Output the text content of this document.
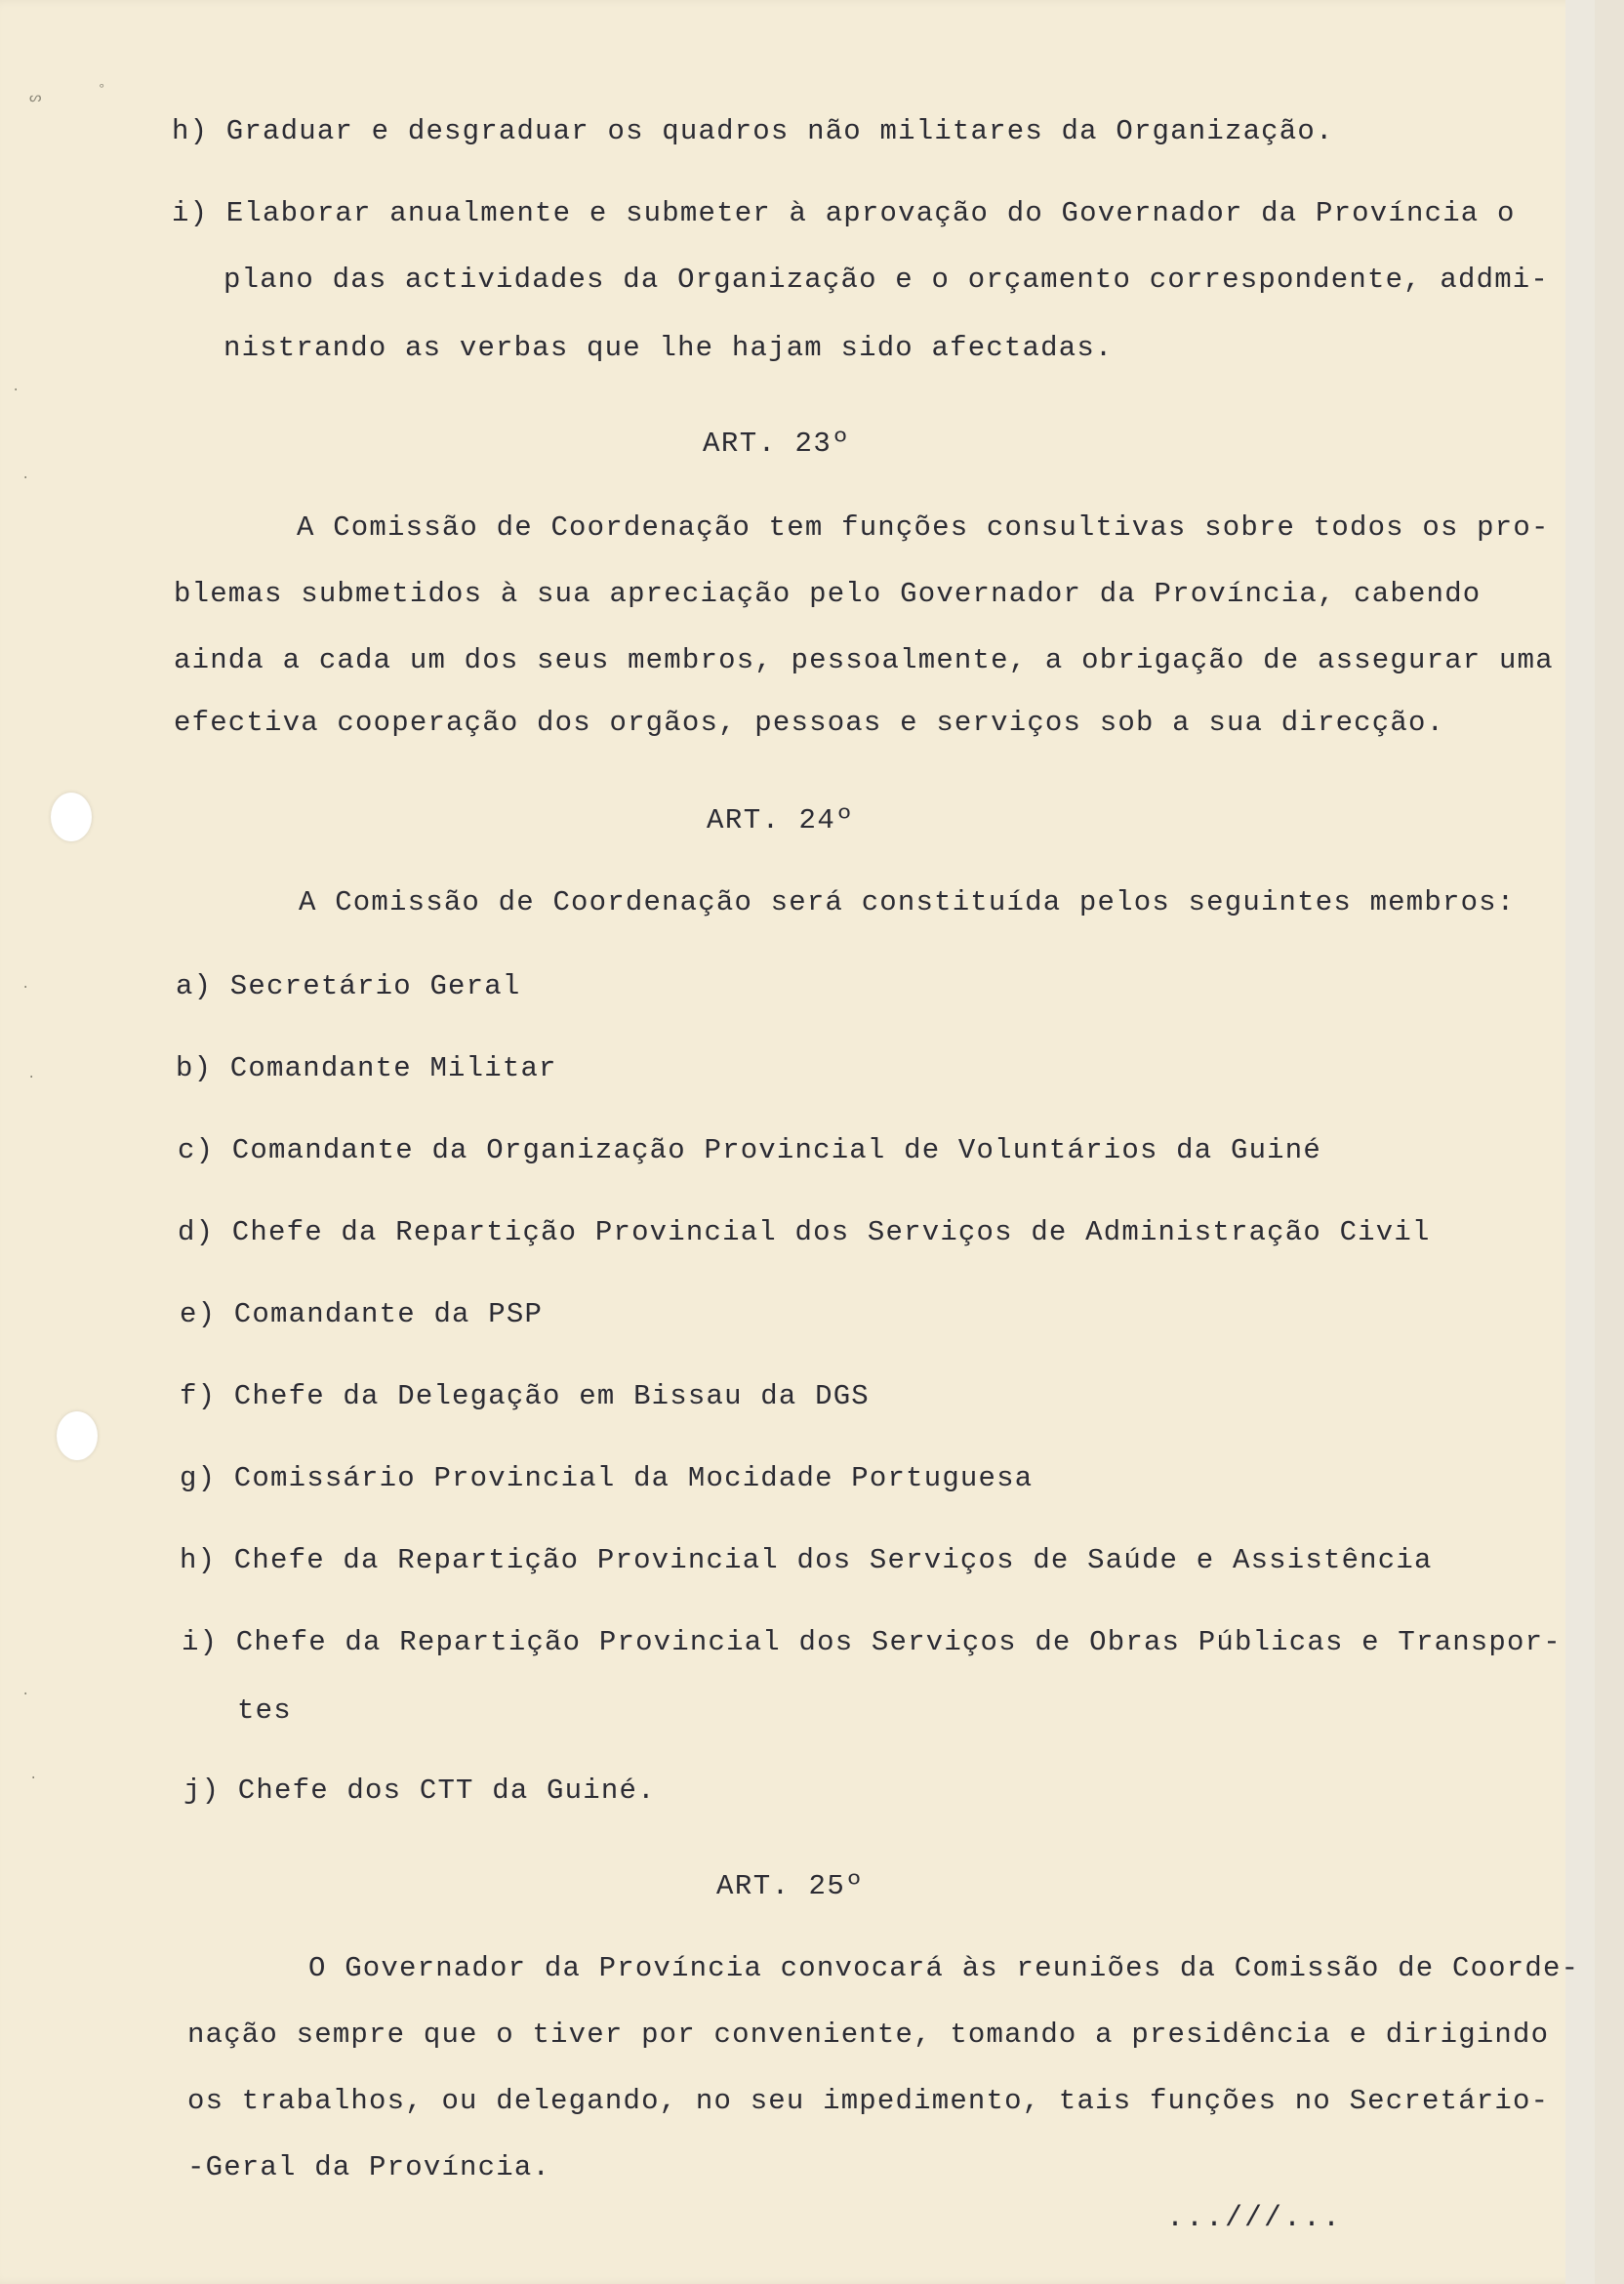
ᔕ
°
·
·
·
·
·
·
h) Graduar e desgraduar os quadros não militares da Organização.
i) Elaborar anualmente e submeter à aprovação do Governador da Província o
plano das actividades da Organização e o orçamento correspondente, addmi-
nistrando as verbas que lhe hajam sido afectadas.
ART. 23º
A Comissão de Coordenação tem funções consultivas sobre todos os pro-
blemas submetidos à sua apreciação pelo Governador da Província, cabendo
ainda a cada um dos seus membros, pessoalmente, a obrigação de assegurar uma
efectiva cooperação dos orgãos, pessoas e serviços sob a sua direcção.
ART. 24º
A Comissão de Coordenação será constituída pelos seguintes membros:
a) Secretário Geral
b) Comandante Militar
c) Comandante da Organização Provincial de Voluntários da Guiné
d) Chefe da Repartição Provincial dos Serviços de Administração Civil
e) Comandante da PSP
f) Chefe da Delegação em Bissau da DGS
g) Comissário Provincial da Mocidade Portuguesa
h) Chefe da Repartição Provincial dos Serviços de Saúde e Assistência
i) Chefe da Repartição Provincial dos Serviços de Obras Públicas e Transpor-
tes
j) Chefe dos CTT da Guiné.
ART. 25º
O Governador da Província convocará às reuniões da Comissão de Coorde-
nação sempre que o tiver por conveniente, tomando a presidência e dirigindo
os trabalhos, ou delegando, no seu impedimento, tais funções no Secretário-
-Geral da Província.
...///...
